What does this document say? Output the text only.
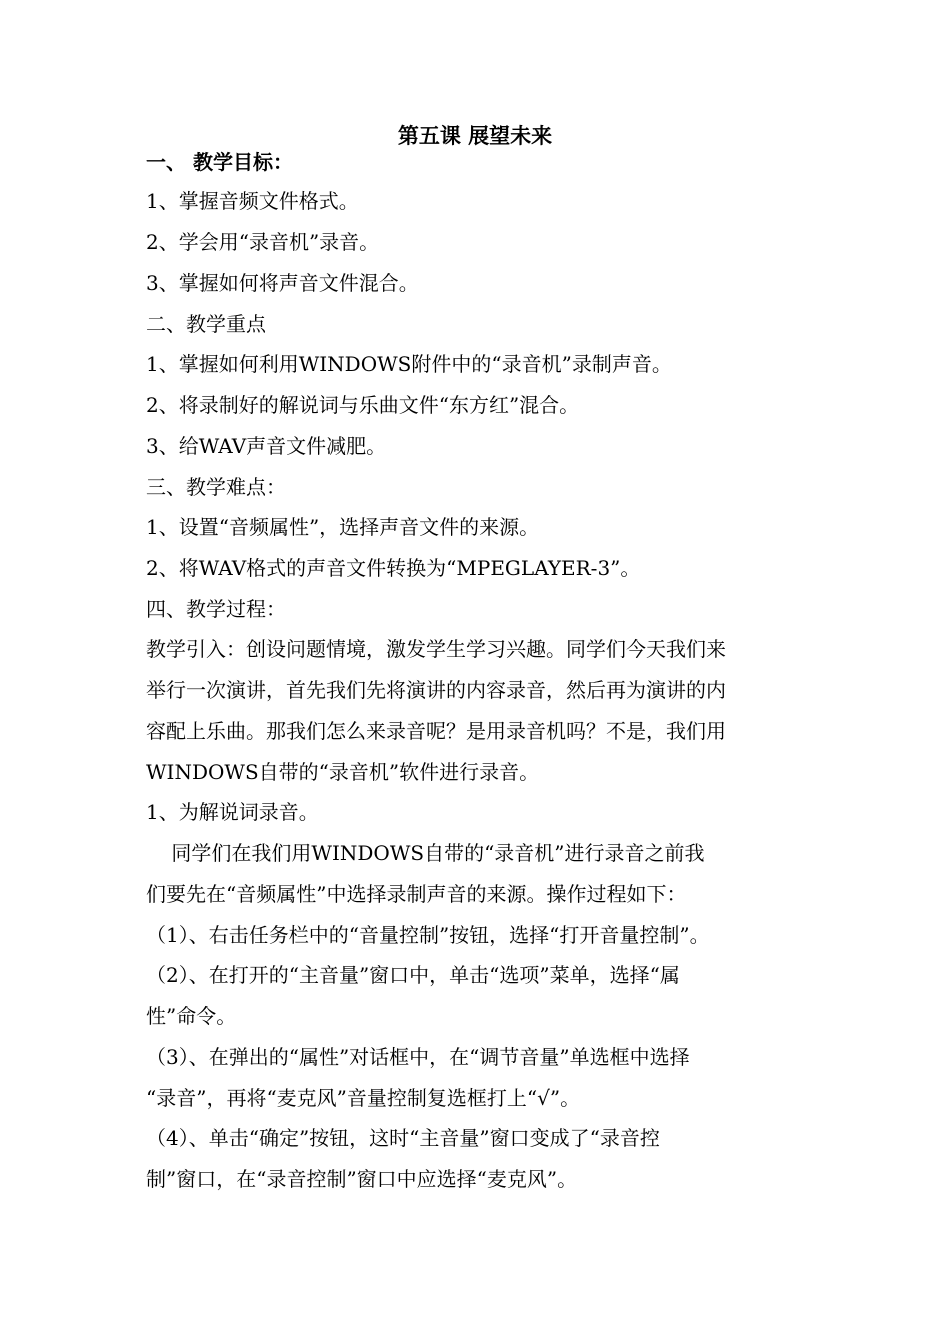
第五课 展望未来
一、 教学目标：
1、掌握音频文件格式。
2、学会用“录音机”录音。
3、掌握如何将声音文件混合。
二、教学重点
1、掌握如何利用WINDOWS附件中的“录音机”录制声音。
2、将录制好的解说词与乐曲文件“东方红”混合。
3、给WAV声音文件减肥。
三、教学难点：
1、设置“音频属性”，选择声音文件的来源。
2、将WAV格式的声音文件转换为“MPEGLAYER-3”。
四、教学过程：
教学引入：创设问题情境，激发学生学习兴趣。同学们今天我们来
举行一次演讲，首先我们先将演讲的内容录音，然后再为演讲的内
容配上乐曲。那我们怎么来录音呢？是用录音机吗？不是，我们用
WINDOWS自带的“录音机”软件进行录音。
1、为解说词录音。
同学们在我们用WINDOWS自带的“录音机”进行录音之前我
们要先在“音频属性”中选择录制声音的来源。操作过程如下：
（1）、右击任务栏中的“音量控制”按钮，选择“打开音量控制”。
（2）、在打开的“主音量”窗口中，单击“选项”菜单，选择“属
性”命令。
（3）、在弹出的“属性”对话框中，在“调节音量”单选框中选择
“录音”，再将“麦克风”音量控制复选框打上“√”。
（4）、单击“确定”按钮，这时“主音量”窗口变成了“录音控
制”窗口，在“录音控制”窗口中应选择“麦克风”。
